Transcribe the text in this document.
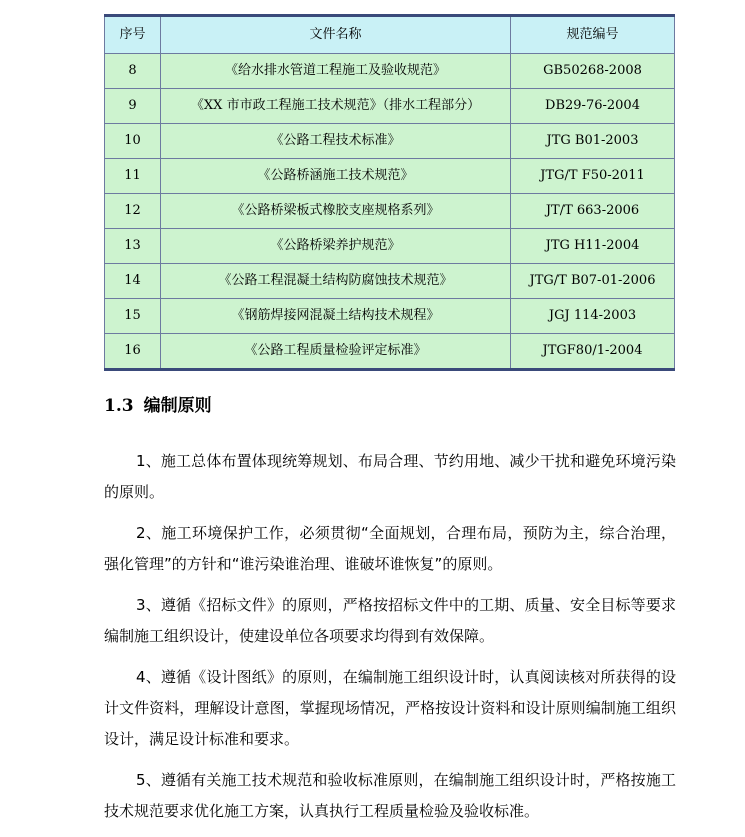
序号	文件名称	规范编号
8	《给水排水管道工程施工及验收规范》	GB50268-2008
9	《XX 市市政工程施工技术规范》（排水工程部分）	DB29-76-2004
10	《公路工程技术标准》	JTG B01-2003
11	《公路桥涵施工技术规范》	JTG/T F50-2011
12	《公路桥梁板式橡胶支座规格系列》	JT/T 663-2006
13	《公路桥梁养护规范》	JTG H11-2004
14	《公路工程混凝土结构防腐蚀技术规范》	JTG/T B07-01-2006
15	《钢筋焊接网混凝土结构技术规程》	JGJ 114-2003
16	《公路工程质量检验评定标准》	JTGF80/1-2004
1.3 编制原则

1、施工总体布置体现统筹规划、布局合理、节约用地、减少干扰和避免环境污染的原则。

2、施工环境保护工作，必须贯彻“全面规划，合理布局，预防为主，综合治理，强化管理”的方针和“谁污染谁治理、谁破坏谁恢复”的原则。

3、遵循《招标文件》的原则，严格按招标文件中的工期、质量、安全目标等要求编制施工组织设计，使建设单位各项要求均得到有效保障。

4、遵循《设计图纸》的原则，在编制施工组织设计时，认真阅读核对所获得的设计文件资料，理解设计意图，掌握现场情况，严格按设计资料和设计原则编制施工组织设计，满足设计标准和要求。

5、遵循有关施工技术规范和验收标准原则，在编制施工组织设计时，严格按施工技术规范要求优化施工方案，认真执行工程质量检验及验收标准。
